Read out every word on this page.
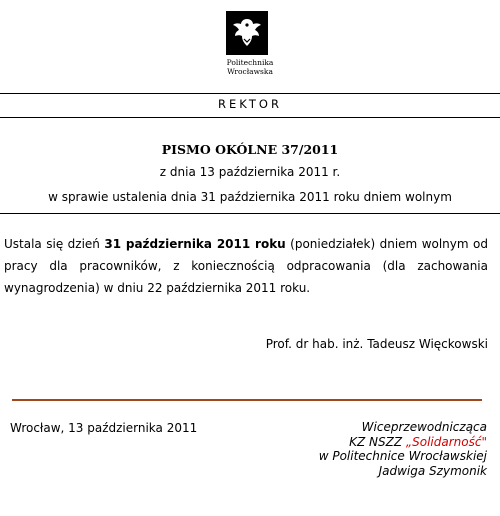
Politechnika
Wrocławska
REKTOR
PISMO OKÓLNE 37/2011
z dnia 13 października 2011 r.
w sprawie ustalenia dnia 31 października 2011 roku dniem wolnym
Ustala się dzień 31 października 2011 roku (poniedziałek) dniem wolnym od pracy dla pracowników, z koniecznością odpracowania (dla zachowania wynagrodzenia) w dniu 22 października 2011 roku.
Prof. dr hab. inż. Tadeusz Więckowski
Wrocław, 13 października 2011	Wiceprzewodnicząca
KZ NSZZ „Solidarność"
w Politechnice Wrocławskiej
Jadwiga Szymonik
